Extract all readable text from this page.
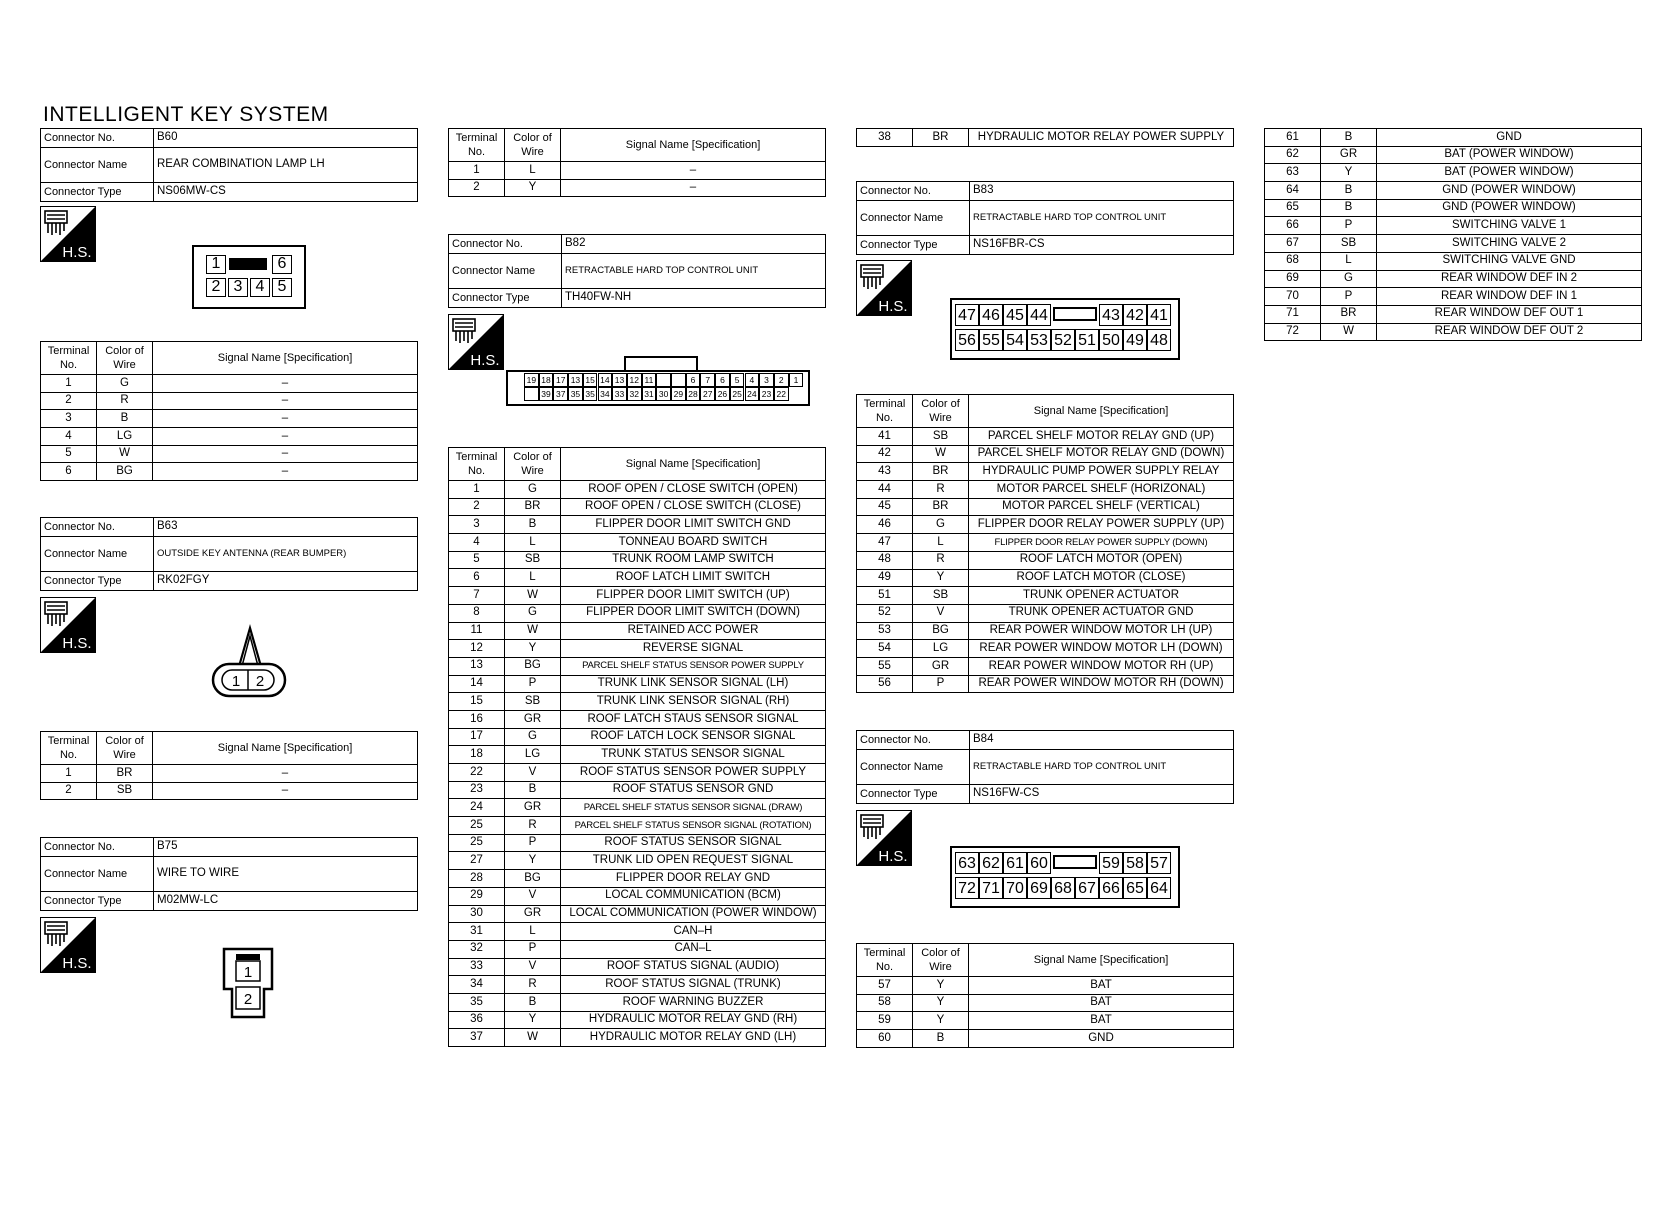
INTELLIGENT KEY SYSTEM
Connector No.	B60
Connector Name	REAR COMBINATION LAMP LH
Connector Type	NS06MW-CS
H.S.
1	6
2 3 4 5
Terminal No.	Color of Wire	Signal Name [Specification]
1	G	–
2	R	–
3	B	–
4	LG	–
5	W	–
6	BG	–
Connector No.	B63
Connector Name	OUTSIDE KEY ANTENNA (REAR BUMPER)
Connector Type	RK02FGY
H.S.
1 2
Terminal No.	Color of Wire	Signal Name [Specification]
1	BR	–
2	SB	–
Connector No.	B75
Connector Name	WIRE TO WIRE
Connector Type	M02MW-LC
H.S.
1
2
Terminal No.	Color of Wire	Signal Name [Specification]
1	L	–
2	Y	–
Connector No.	B82
Connector Name	RETRACTABLE HARD TOP CONTROL UNIT
Connector Type	TH40FW-NH
H.S.
19 18 17 13 15 14 13 12 11	6	7	6	5	4	3	2	1
39 37 35 35 34 33 32 31 30 29 28 27 26 25 24 23 22
Terminal No.	Color of Wire	Signal Name [Specification]
1	G	ROOF OPEN / CLOSE SWITCH (OPEN)
2	BR	ROOF OPEN / CLOSE SWITCH (CLOSE)
3	B	FLIPPER DOOR LIMIT SWITCH GND
4	L	TONNEAU BOARD SWITCH
5	SB	TRUNK ROOM LAMP SWITCH
6	L	ROOF LATCH LIMIT SWITCH
7	W	FLIPPER DOOR LIMIT SWITCH (UP)
8	G	FLIPPER DOOR LIMIT SWITCH (DOWN)
11	W	RETAINED ACC POWER
12	Y	REVERSE SIGNAL
13	BG	PARCEL SHELF STATUS SENSOR POWER SUPPLY
14	P	TRUNK LINK SENSOR SIGNAL (LH)
15	SB	TRUNK LINK SENSOR SIGNAL (RH)
16	GR	ROOF LATCH STAUS SENSOR SIGNAL
17	G	ROOF LATCH LOCK SENSOR SIGNAL
18	LG	TRUNK STATUS SENSOR SIGNAL
22	V	ROOF STATUS SENSOR POWER SUPPLY
23	B	ROOF STATUS SENSOR GND
24	GR	PARCEL SHELF STATUS SENSOR SIGNAL (DRAW)
25	R	PARCEL SHELF STATUS SENSOR SIGNAL (ROTATION)
25	P	ROOF STATUS SENSOR SIGNAL
27	Y	TRUNK LID OPEN REQUEST SIGNAL
28	BG	FLIPPER DOOR RELAY GND
29	V	LOCAL COMMUNICATION (BCM)
30	GR	LOCAL COMMUNICATION (POWER WINDOW)
31	L	CAN–H
32	P	CAN–L
33	V	ROOF STATUS SIGNAL (AUDIO)
34	R	ROOF STATUS SIGNAL (TRUNK)
35	B	ROOF WARNING BUZZER
36	Y	HYDRAULIC MOTOR RELAY GND (RH)
37	W	HYDRAULIC MOTOR RELAY GND (LH)
38	BR	HYDRAULIC MOTOR RELAY POWER SUPPLY
Connector No.	B83
Connector Name	RETRACTABLE HARD TOP CONTROL UNIT
Connector Type	NS16FBR-CS
H.S.
47 46 45 44	43 42 41
56 55 54 53 52 51 50 49 48
Terminal No.	Color of Wire	Signal Name [Specification]
41	SB	PARCEL SHELF MOTOR RELAY GND (UP)
42	W	PARCEL SHELF MOTOR RELAY GND (DOWN)
43	BR	HYDRAULIC PUMP POWER SUPPLY RELAY
44	R	MOTOR PARCEL SHELF (HORIZONAL)
45	BR	MOTOR PARCEL SHELF (VERTICAL)
46	G	FLIPPER DOOR RELAY POWER SUPPLY (UP)
47	L	FLIPPER DOOR RELAY POWER SUPPLY (DOWN)
48	R	ROOF LATCH MOTOR (OPEN)
49	Y	ROOF LATCH MOTOR (CLOSE)
51	SB	TRUNK OPENER ACTUATOR
52	V	TRUNK OPENER ACTUATOR GND
53	BG	REAR POWER WINDOW MOTOR LH (UP)
54	LG	REAR POWER WINDOW MOTOR LH (DOWN)
55	GR	REAR POWER WINDOW MOTOR RH (UP)
56	P	REAR POWER WINDOW MOTOR RH (DOWN)
Connector No.	B84
Connector Name	RETRACTABLE HARD TOP CONTROL UNIT
Connector Type	NS16FW-CS
H.S.	63 62 61 60	59 58 57
72 71 70 69 68 67 66 65 64
Terminal No.	Color of Wire	Signal Name [Specification]
57	Y	BAT
58	Y	BAT
59	Y	BAT
60	B	GND
61	B	GND
62	GR	BAT (POWER WINDOW)
63	Y	BAT (POWER WINDOW)
64	B	GND (POWER WINDOW)
65	B	GND (POWER WINDOW)
66	P	SWITCHING VALVE 1
67	SB	SWITCHING VALVE 2
68	L	SWITCHING VALVE GND
69	G	REAR WINDOW DEF IN 2
70	P	REAR WINDOW DEF IN 1
71	BR	REAR WINDOW DEF OUT 1
72	W	REAR WINDOW DEF OUT 2
